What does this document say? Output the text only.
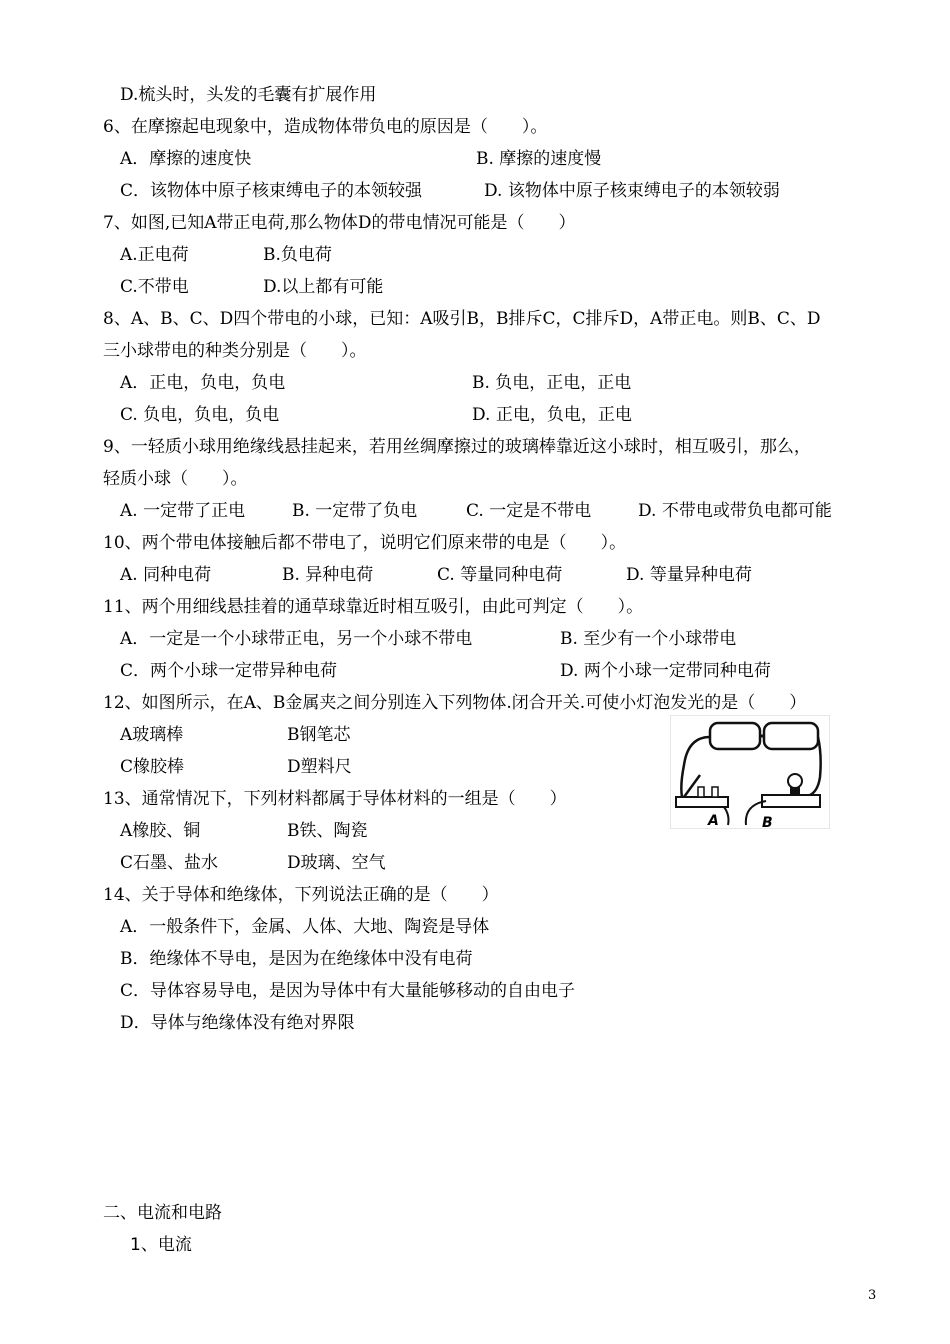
D.梳头时，头发的毛囊有扩展作用
6、在摩擦起电现象中，造成物体带负电的原因是（　　）。
A．摩擦的速度快	B. 摩擦的速度慢
C．该物体中原子核束缚电子的本领较强	D. 该物体中原子核束缚电子的本领较弱
7、如图,已知A带正电荷,那么物体D的带电情况可能是（　　）
A.正电荷	B.负电荷
C.不带电	D.以上都有可能
8、A、B、C、D四个带电的小球，已知：A吸引B，B排斥C，C排斥D，A带正电。则B、C、D
三小球带电的种类分别是（　　）。
A．正电，负电，负电	B. 负电，正电，正电
C. 负电，负电，负电	D. 正电，负电，正电
9、一轻质小球用绝缘线悬挂起来，若用丝绸摩擦过的玻璃棒靠近这小球时，相互吸引，那么，
轻质小球（　　）。
A. 一定带了正电	B. 一定带了负电	C. 一定是不带电	D. 不带电或带负电都可能
10、两个带电体接触后都不带电了，说明它们原来带的电是（　　）。
A. 同种电荷	B. 异种电荷	C. 等量同种电荷	D. 等量异种电荷
11、两个用细线悬挂着的通草球靠近时相互吸引，由此可判定（　　）。
A．一定是一个小球带正电，另一个小球不带电	B. 至少有一个小球带电
C．两个小球一定带异种电荷	D. 两个小球一定带同种电荷
12、如图所示，在A、B金属夹之间分别连入下列物体.闭合开关.可使小灯泡发光的是（　　）
A玻璃棒	B钢笔芯
C橡胶棒	D塑料尺
13、通常情况下，下列材料都属于导体材料的一组是（　　）
A橡胶、铜	B铁、陶瓷
C石墨、盐水	D玻璃、空气
14、关于导体和绝缘体，下列说法正确的是（　　）
A．一般条件下，金属、人体、大地、陶瓷是导体
B．绝缘体不导电，是因为在绝缘体中没有电荷
C．导体容易导电，是因为导体中有大量能够移动的自由电子
D．导体与绝缘体没有绝对界限
二、电流和电路
1、电流
3
A	B
